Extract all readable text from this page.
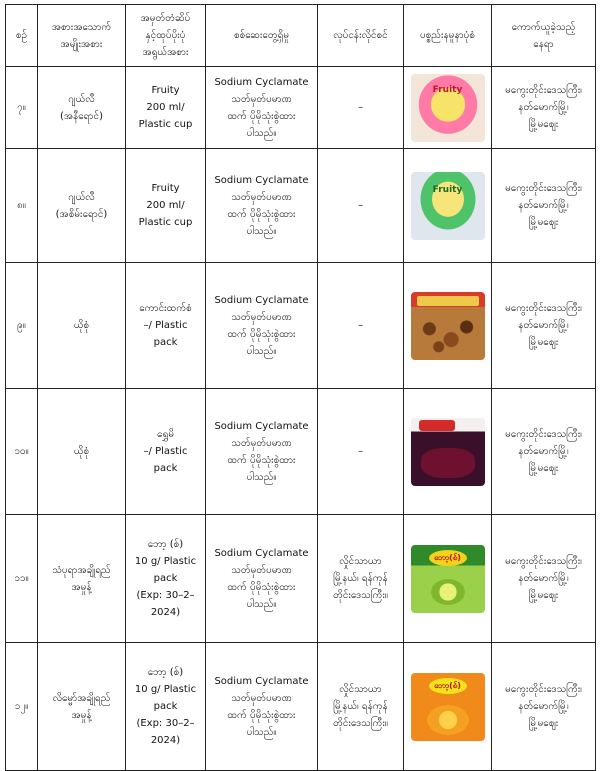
စဉ်	အစားအသောက်
အမျိုးအစား	အမှတ်တံဆိပ်
နှင့်ထုပ်ပိုးပုံ
အရွယ်အစား	စစ်ဆေးတွေ့ရှိမှု	လုပ်ငန်းလိုင်စင်	ပစ္စည်းနမူနာပုံစံ	ကောက်ယူခဲ့သည့်
နေရာ

၇။	ဂျယ်လီ
(အနီရောင်)	Fruity
200 ml/
Plastic cup	Sodium Cyclamate
သတ်မှတ်ပမာဏ
ထက် ပိုမိုသုံးစွဲထား
ပါသည်။	–	Fruity	မကွေးတိုင်းဒေသကြီး၊
နတ်မောက်မြို့၊
မြို့မဈေး

၈။	ဂျယ်လီ
(အစိမ်းရောင်)	Fruity
200 ml/
Plastic cup	Sodium Cyclamate
သတ်မှတ်ပမာဏ
ထက် ပိုမိုသုံးစွဲထား
ပါသည်။	–	Fruity	မကွေးတိုင်းဒေသကြီး၊
နတ်မောက်မြို့၊
မြို့မဈေး

၉။	ယိုစုံ	ကောင်းထက်စံ
–/ Plastic
pack	Sodium Cyclamate
သတ်မှတ်ပမာဏ
ထက် ပိုမိုသုံးစွဲထား
ပါသည်။	–		မကွေးတိုင်းဒေသကြီး၊
နတ်မောက်မြို့၊
မြို့မဈေး

၁၀။	ယိုစုံ	ရွှေမိ
–/ Plastic
pack	Sodium Cyclamate
သတ်မှတ်ပမာဏ
ထက် ပိုမိုသုံးစွဲထား
ပါသည်။	–		မကွေးတိုင်းဒေသကြီး၊
နတ်မောက်မြို့၊
မြို့မဈေး

၁၁။	သံပုရာအချိုရည်
အမှုန့်	ဘော့ (စ်)
10 g/ Plastic
pack
(Exp: 30–2–
2024)	Sodium Cyclamate
သတ်မှတ်ပမာဏ
ထက် ပိုမိုသုံးစွဲထား
ပါသည်။	လှိုင်သာယာ
မြို့နယ်၊ ရန်ကုန်
တိုင်းဒေသကြီး။	ဘော့(စ်)	မကွေးတိုင်းဒေသကြီး၊
နတ်မောက်မြို့၊
မြို့မဈေး

၁၂။	လိမ္မော်အချိုရည်
အမှုန့်	ဘော့ (စ်)
10 g/ Plastic
pack
(Exp: 30–2–
2024)	Sodium Cyclamate
သတ်မှတ်ပမာဏ
ထက် ပိုမိုသုံးစွဲထား
ပါသည်။	လှိုင်သာယာ
မြို့နယ်၊ ရန်ကုန်
တိုင်းဒေသကြီး။	ဘော့(စ်)	မကွေးတိုင်းဒေသကြီး၊
နတ်မောက်မြို့၊
မြို့မဈေး
